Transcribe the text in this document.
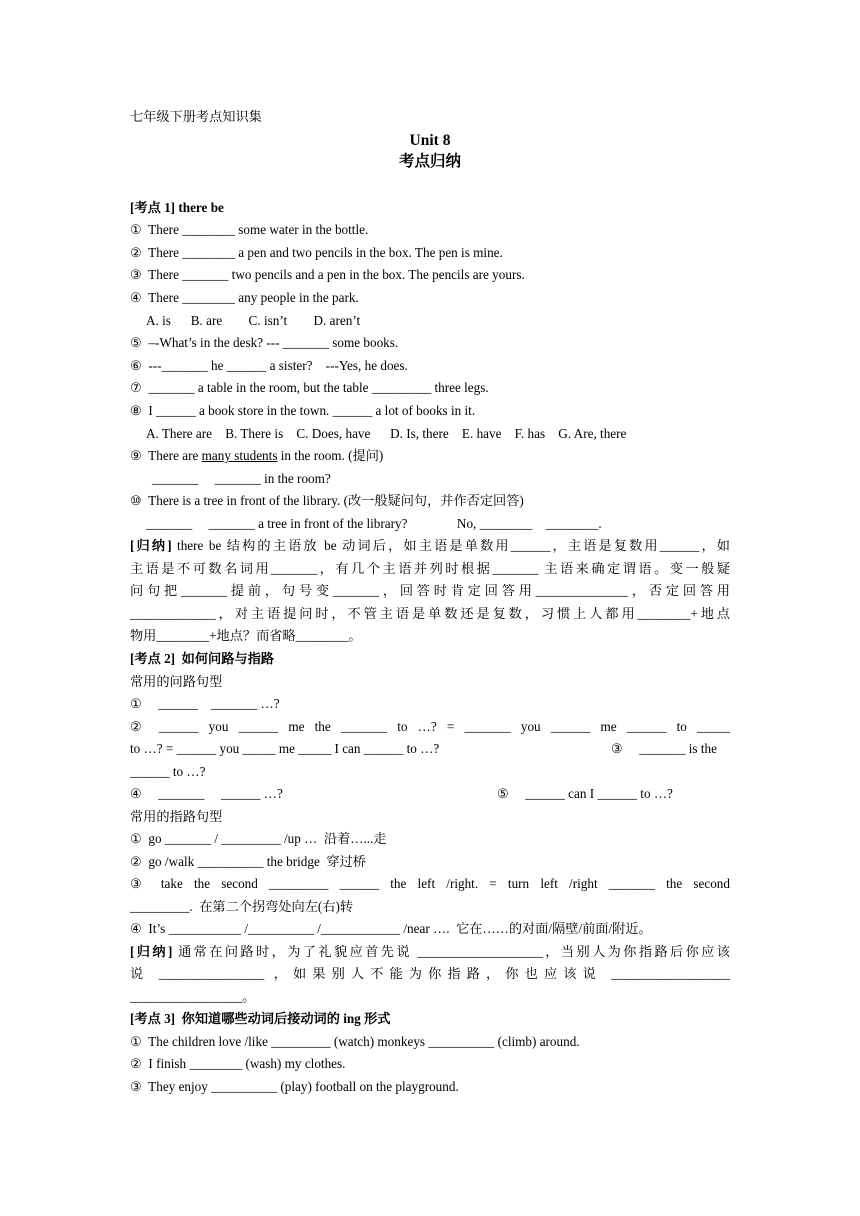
七年级下册考点知识集
Unit 8
考点归纳
[考点 1] there be
①  There ________ some water in the bottle.
②  There ________ a pen and two pencils in the box. The pen is mine.
③  There _______ two pencils and a pen in the box. The pencils are yours.
④  There ________ any people in the park.
A. is      B. are        C. isn’t        D. aren’t
⑤  –-What’s in the desk? --- _______ some books.
⑥  ---_______ he ______ a sister?    ---Yes, he does.
⑦  _______ a table in the room, but the table _________ three legs.
⑧  I ______ a book store in the town. ______ a lot of books in it.
A. There are    B. There is    C. Does, have      D. Is, there    E. have    F. has    G. Are, there
⑨  There are many students in the room. (提问)
_______     _______ in the room?
⑩  There is a tree in front of the library. (改一般疑问句，并作否定回答)
_______     _______ a tree in front of the library?               No, ________    ________.
[归纳] there be 结构的主语放 be 动词后，如主语是单数用______，主语是复数用______，如
主语是不可数名词用_______，有几个主语并列时根据_______ 主语来确定谓语。变一般疑
问句把_______提前，句号变_______，回答时肯定回答用______________，否定回答用
_____________，对主语提问时，不管主语是单数还是复数，习惯上人都用________+地点
物用________+地点？而省略________。
[考点 2]  如何问路与指路
常用的问路句型
①     ______    _______ …?
② ______ you ______ me the _______ to …? = _______ you ______ me ______ to _____
to …? = ______ you _____ me _____ I can ______ to …?	③     _______ is the
______ to …?
④     _______     ______ …?	⑤     ______ can I ______ to …?
常用的指路句型
①  go _______ / _________ /up …  沿着…...走
②  go /walk __________ the bridge  穿过桥
③ take the second _________ ______ the left /right. = turn left /right _______ the second
_________.  在第二个拐弯处向左(右)转
④  It’s ___________ /__________ /____________ /near ….  它在……的对面/隔壁/前面/附近。
[归纳] 通常在问路时，为了礼貌应首先说 ___________________，当别人为你指路后你应该
说 ________________ ，如果别人不能为你指路，你也应该说 __________________
_________________。
[考点 3]  你知道哪些动词后接动词的 ing 形式
①  The children love /like _________ (watch) monkeys __________ (climb) around.
②  I finish ________ (wash) my clothes.
③  They enjoy __________ (play) football on the playground.
